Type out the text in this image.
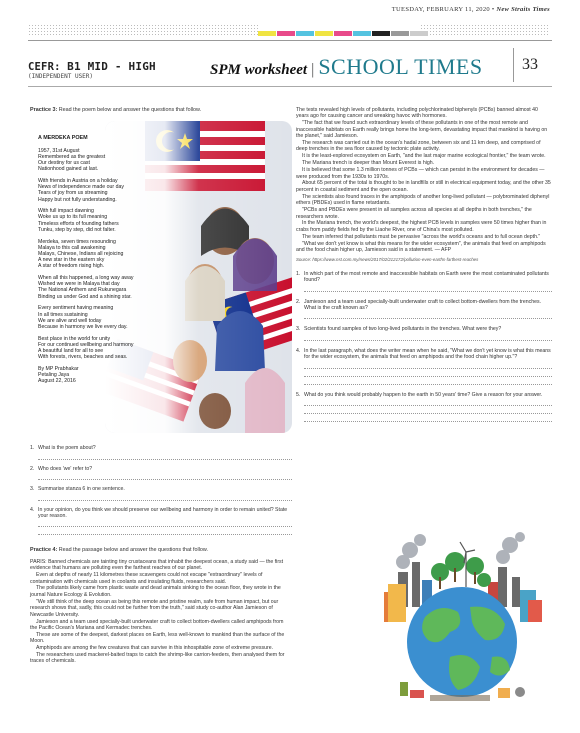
TUESDAY, FEBRUARY 11, 2020 • New Straits Times
CEFR: B1 MID - HIGH
(INDEPENDENT USER)	SPM worksheet | SCHOOL TIMES	33
Practice 3: Read the poem below and answer the questions that follow.
A MERDEKA POEM
1957, 31st August
Remembered as the greatest
Our destiny for us cast
Nationhood gained at last.
With friends in Austria on a holiday
News of independence made our day
Tears of joy from us streaming
Happy but not fully understanding.
With full impact dawning
Woke us up to its full meaning
Timeless efforts of founding fathers
Tunku, step by step, did not falter.
Merdeka, seven times resounding
Malaya to this call awakening
Malays, Chinese, Indians all rejoicing
A new star in the eastern sky
A star of freedom rising high.
When all this happened, a long way away
Wished we were in Malaya that day
The National Anthem and Rukunegara
Binding us under God and a shining star.
Every sentiment having meaning
In all times sustaining
We are alive and well today
Because in harmony we live every day.
Best place in the world for unity
For our continued wellbeing and harmony
A beautiful land for all to see
With forests, rivers, beaches and seas.
By MP Prabhakar
Petaling Jaya
August 22, 2016
1. What is the poem about?
2. Who does 'we' refer to?
3. Summarise stanza 6 in one sentence.
4. In your opinion, do you think we should preserve our wellbeing and harmony in order to remain united? State your reason.
Practice 4: Read the passage below and answer the questions that follow.

PARIS: Banned chemicals are tainting tiny crustaceans that inhabit the deepest ocean, a study said — the first evidence that humans are polluting even the farthest reaches of our planet.

Even at depths of nearly 11 kilometres these scavengers could not escape "extraordinary" levels of contamination with chemicals used in coolants and insulating fluids, researchers said.

The pollutants likely came from plastic waste and dead animals sinking to the ocean floor, they wrote in the journal Nature Ecology & Evolution.

"We still think of the deep ocean as being this remote and pristine realm, safe from human impact, but our research shows that, sadly, this could not be further from the truth," said study co-author Alan Jamieson of Newcastle University.

Jamieson and a team used specially-built underwater craft to collect bottom-dwellers called amphipods from the Pacific Ocean's Mariana and Kermadec trenches.

These are some of the deepest, darkest places on Earth, less well-known to mankind than the surface of the Moon.

Amphipods are among the few creatures that can survive in this inhospitable zone of extreme pressure.

The researchers used mackerel-baited traps to catch the shrimp-like carrion-feeders, then analysed them for traces of chemicals.

The tests revealed high levels of pollutants, including polychlorinated biphenyls (PCBs) banned almost 40 years ago for causing cancer and wreaking havoc with hormones.

"The fact that we found such extraordinary levels of these pollutants in one of the most remote and inaccessible habitats on Earth really brings home the long-term, devastating impact that mankind is having on the planet," said Jamieson.

The research was carried out in the ocean's hadal zone, between six and 11 km deep, and comprised of deep trenches in the sea floor caused by tectonic plate activity.

It is the least-explored ecosystem on Earth, "and the last major marine ecological frontier," the team wrote.

The Mariana trench is deeper than Mount Everest is high.

It is believed that some 1.3 million tonnes of PCBs — which can persist in the environment for decades — were produced from the 1930s to 1970s.

About 65 percent of the total is thought to be in landfills or still in electrical equipment today, and the other 35 percent in coastal sediment and the open ocean.

The scientists also found traces in the amphipods of another long-lived pollutant — polybrominated diphenyl ethers (PBDEs) used in flame retardants.

"PCBs and PBDEs were present in all samples across all species at all depths in both trenches," the researchers wrote.

In the Mariana trench, the world's deepest, the highest PCB levels in samples were 50 times higher than in crabs from paddy fields fed by the Liaohe River, one of China's most polluted.

The team inferred that pollutants must be pervasive "across the world's oceans and to full ocean depth."

"What we don't yet know is what this means for the wider ecosystem", the animals that feed on amphipods and the food chain higher up, Jamieson said in a statement. — AFP

Source: https://www.nst.com.my/news/2017/02/212172/pollution-even-earths-farthest-reaches
1. In which part of the most remote and inaccessible habitats on Earth were the most contaminated pollutants found?
2. Jamieson and a team used specially-built underwater craft to collect bottom-dwellers from the trenches. What is the craft known as?
3. Scientists found samples of two long-lived pollutants in the trenches. What were they?
4. In the last paragraph, what does the writer mean when he said, "What we don't yet know is what this means for the wider ecosystem, the animals that feed on amphipods and the food chain higher up."?
5. What do you think would probably happen to the earth in 50 years' time? Give a reason for your answer.
